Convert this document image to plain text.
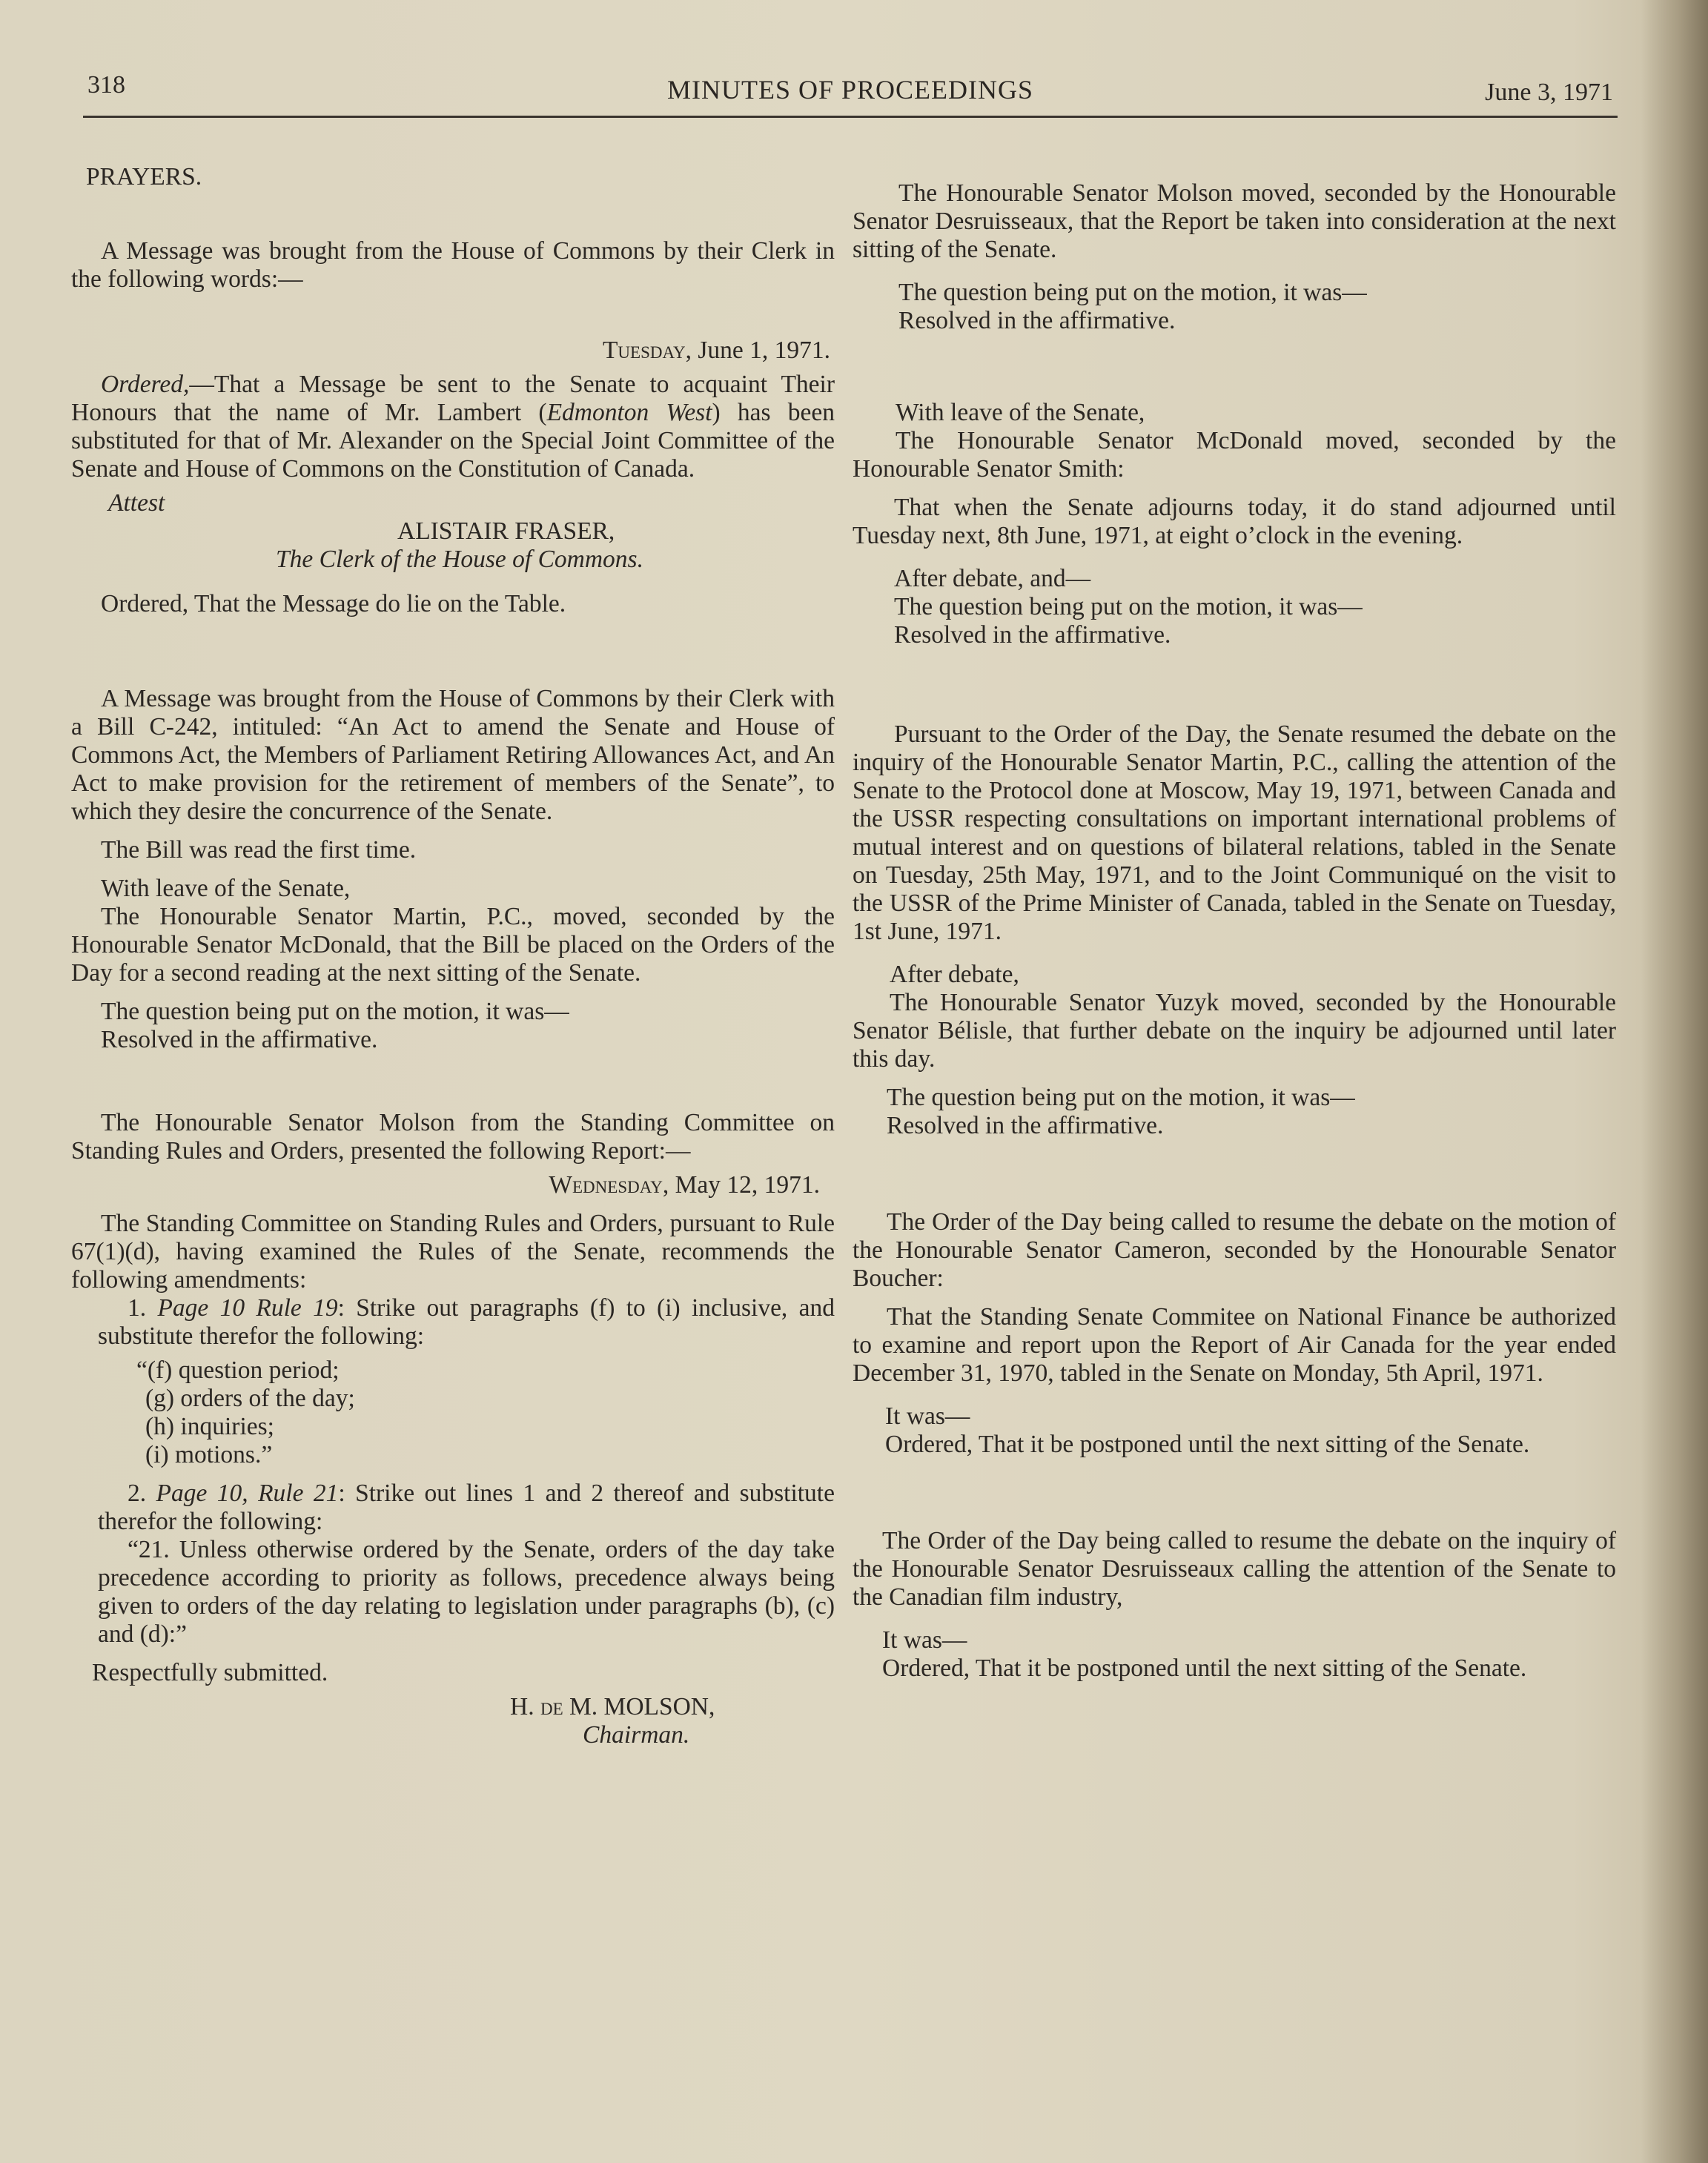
318	MINUTES OF PROCEEDINGS	June 3, 1971

PRAYERS.

A Message was brought from the House of Commons by their Clerk in the following words:—

Tuesday, June 1, 1971.

Ordered,—That a Message be sent to the Senate to acquaint Their Honours that the name of Mr. Lambert (Edmonton West) has been substituted for that of Mr. Alexander on the Special Joint Committee of the Senate and House of Commons on the Constitution of Canada.

Attest

ALISTAIR FRASER,

The Clerk of the House of Commons.

Ordered, That the Message do lie on the Table.

A Message was brought from the House of Commons by their Clerk with a Bill C-242, intituled: “An Act to amend the Senate and House of Commons Act, the Members of Parliament Retiring Allowances Act, and An Act to make provision for the retirement of members of the Senate”, to which they desire the concurrence of the Senate.

The Bill was read the first time.

With leave of the Senate,

The Honourable Senator Martin, P.C., moved, seconded by the Honourable Senator McDonald, that the Bill be placed on the Orders of the Day for a second reading at the next sitting of the Senate.

The question being put on the motion, it was—

Resolved in the affirmative.

The Honourable Senator Molson from the Standing Committee on Standing Rules and Orders, presented the following Report:—

Wednesday, May 12, 1971.

The Standing Committee on Standing Rules and Orders, pursuant to Rule 67(1)(d), having examined the Rules of the Senate, recommends the following amendments:

1. Page 10 Rule 19: Strike out paragraphs (f) to (i) inclusive, and substitute therefor the following:

“(f) question period;

(g) orders of the day;

(h) inquiries;

(i) motions.”

2. Page 10, Rule 21: Strike out lines 1 and 2 thereof and substitute therefor the following:

“21. Unless otherwise ordered by the Senate, orders of the day take precedence according to priority as follows, precedence always being given to orders of the day relating to legislation under paragraphs (b), (c) and (d):”

Respectfully submitted.

H. de M. MOLSON,

Chairman.

The Honourable Senator Molson moved, seconded by the Honourable Senator Desruisseaux, that the Report be taken into consideration at the next sitting of the Senate.

The question being put on the motion, it was—

Resolved in the affirmative.

With leave of the Senate,

The Honourable Senator McDonald moved, seconded by the Honourable Senator Smith:

That when the Senate adjourns today, it do stand adjourned until Tuesday next, 8th June, 1971, at eight o’clock in the evening.

After debate, and—

The question being put on the motion, it was—

Resolved in the affirmative.

Pursuant to the Order of the Day, the Senate resumed the debate on the inquiry of the Honourable Senator Martin, P.C., calling the attention of the Senate to the Protocol done at Moscow, May 19, 1971, between Canada and the USSR respecting consultations on important international problems of mutual interest and on questions of bilateral relations, tabled in the Senate on Tuesday, 25th May, 1971, and to the Joint Communiqué on the visit to the USSR of the Prime Minister of Canada, tabled in the Senate on Tuesday, 1st June, 1971.

After debate,

The Honourable Senator Yuzyk moved, seconded by the Honourable Senator Bélisle, that further debate on the inquiry be adjourned until later this day.

The question being put on the motion, it was—

Resolved in the affirmative.

The Order of the Day being called to resume the debate on the motion of the Honourable Senator Cameron, seconded by the Honourable Senator Boucher:

That the Standing Senate Commitee on National Finance be authorized to examine and report upon the Report of Air Canada for the year ended December 31, 1970, tabled in the Senate on Monday, 5th April, 1971.

It was—

Ordered, That it be postponed until the next sitting of the Senate.

The Order of the Day being called to resume the debate on the inquiry of the Honourable Senator Desruisseaux calling the attention of the Senate to the Canadian film industry,

It was—

Ordered, That it be postponed until the next sitting of the Senate.
